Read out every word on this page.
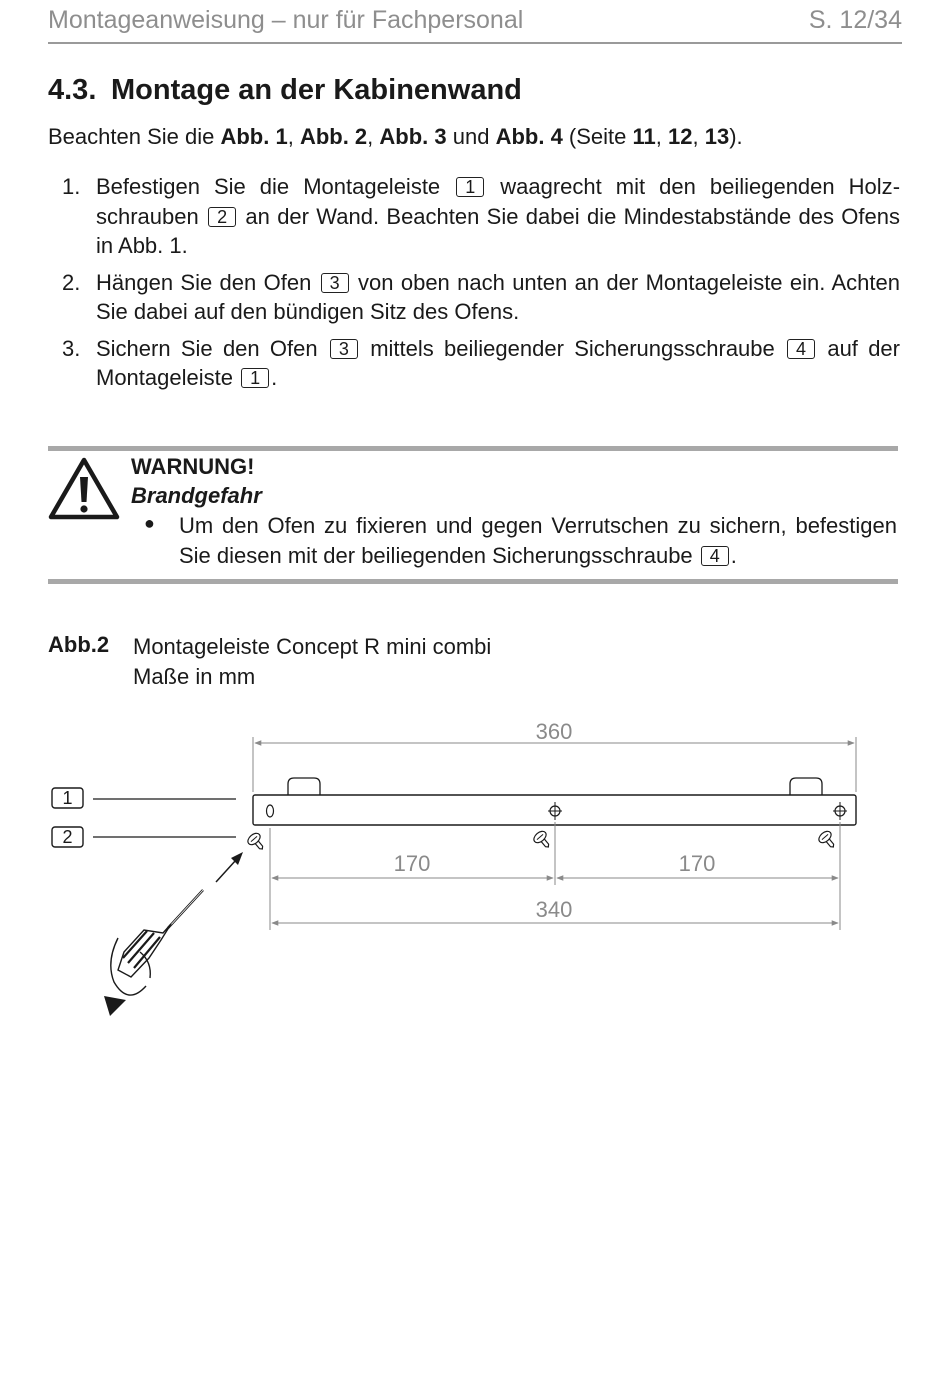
Montageanweisung – nur für Fachpersonal	S. 12/34
4.3. Montage an der Kabinenwand
Beachten Sie die Abb. 1, Abb. 2, Abb. 3 und Abb. 4 (Seite 11, 12, 13).
1. Befestigen Sie die Montageleiste 1 waagrecht mit den beiliegenden Holzschrauben 2 an der Wand. Beachten Sie dabei die Mindestabstände des Ofens in Abb. 1.
2. Hängen Sie den Ofen 3 von oben nach unten an der Montageleiste ein. Achten Sie dabei auf den bündigen Sitz des Ofens.
3. Sichern Sie den Ofen 3 mittels beiliegender Sicherungsschraube 4 auf der Montageleiste 1 .
WARNUNG!
Brandgefahr
● Um den Ofen zu fixieren und gegen Verrutschen zu sichern, befestigen Sie diesen mit der beiliegenden Sicherungsschraube 4 .
Abb.2 Montageleiste Concept R mini combi
Maße in mm
360
170	170
340
1
2
